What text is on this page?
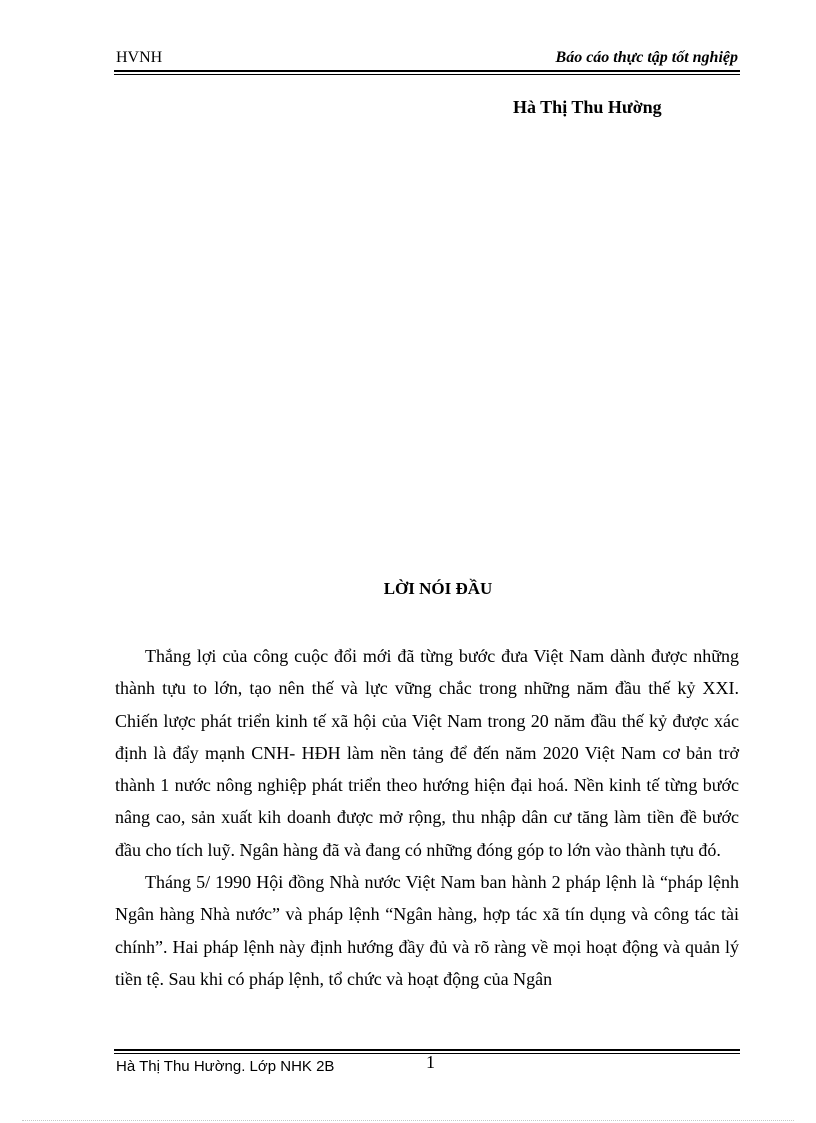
HVNH	Báo cáo thực tập tốt nghiệp
Hà Thị Thu Hường
LỜI NÓI ĐẦU

Thắng lợi của công cuộc đổi mới đã từng bước đưa Việt Nam dành được những thành tựu to lớn, tạo nên thế và lực vững chắc trong những năm đầu thế kỷ XXI. Chiến lược phát triển kinh tế xã hội của Việt Nam trong 20 năm đầu thế kỷ được xác định là đẩy mạnh CNH- HĐH làm nền tảng để đến năm 2020 Việt Nam cơ bản trở thành 1 nước nông nghiệp phát triển theo hướng hiện đại hoá. Nền kinh tế từng bước nâng cao, sản xuất kih doanh được mở rộng, thu nhập dân cư tăng làm tiền đề bước đầu cho tích luỹ. Ngân hàng đã và đang có những đóng góp to lớn vào thành tựu đó.

Tháng 5/ 1990 Hội đồng Nhà nước Việt Nam ban hành 2 pháp lệnh là “pháp lệnh Ngân hàng Nhà nước” và pháp lệnh “Ngân hàng, hợp tác xã tín dụng và công tác tài chính”. Hai pháp lệnh này định hướng đầy đủ và rõ ràng về mọi hoạt động và quản lý tiền tệ. Sau khi có pháp lệnh, tổ chức và hoạt động của Ngân

Hà Thị Thu Hường. Lớp NHK 2B	1
